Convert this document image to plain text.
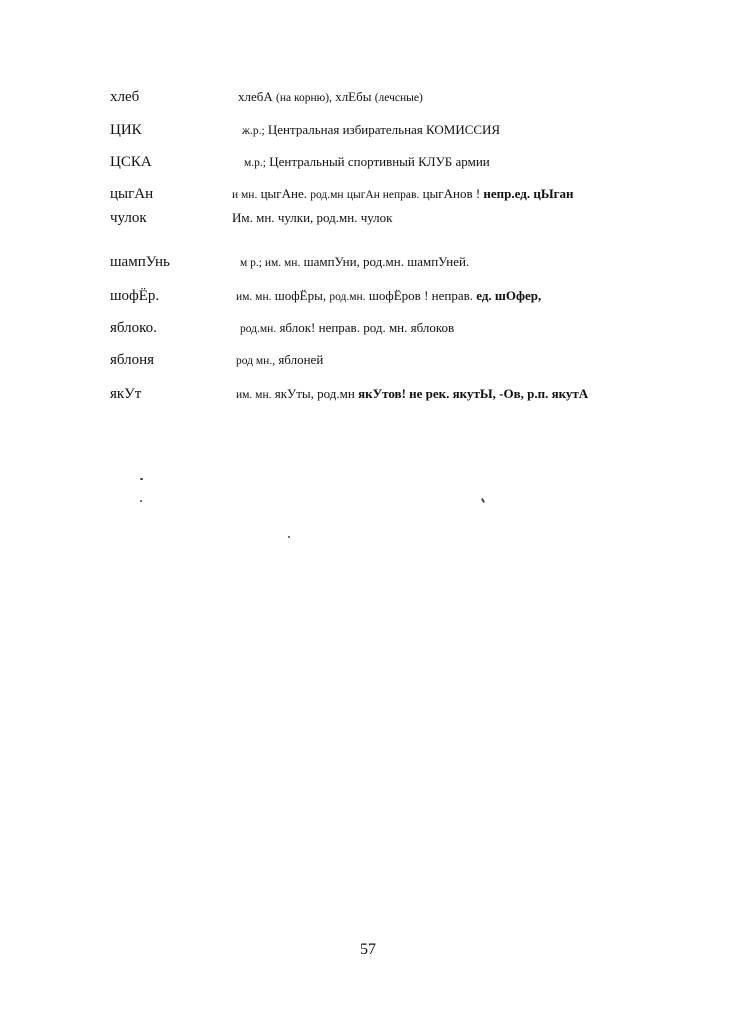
хлеб	хлебА (на корню), хлЕбы (лечсные)
ЦИК	ж.р.; Центральная избирательная КОМИССИЯ
ЦСКА	м.р.; Центральный спортивный КЛУБ армии
цыгАн	и мн. цыгАне. род.мн цыгАн неправ. цыгАнов ! непр.ед. цЫган
чулок	Им. мн. чулки, род.мн. чулок
шампУнь	м р.; им. мн. шампУни, род.мн. шампУней.
шофЁр.	им. мн. шофЁры, род.мн. шофЁров ! неправ. ед. шОфер,
яблоко.	род.мн. яблок! неправ. род. мн. яблоков
яблоня	род мн., яблоней
якУт	им. мн. якУты, род.мн якУтов! не рек. якутЫ, -Ов, р.п. якутА
57
